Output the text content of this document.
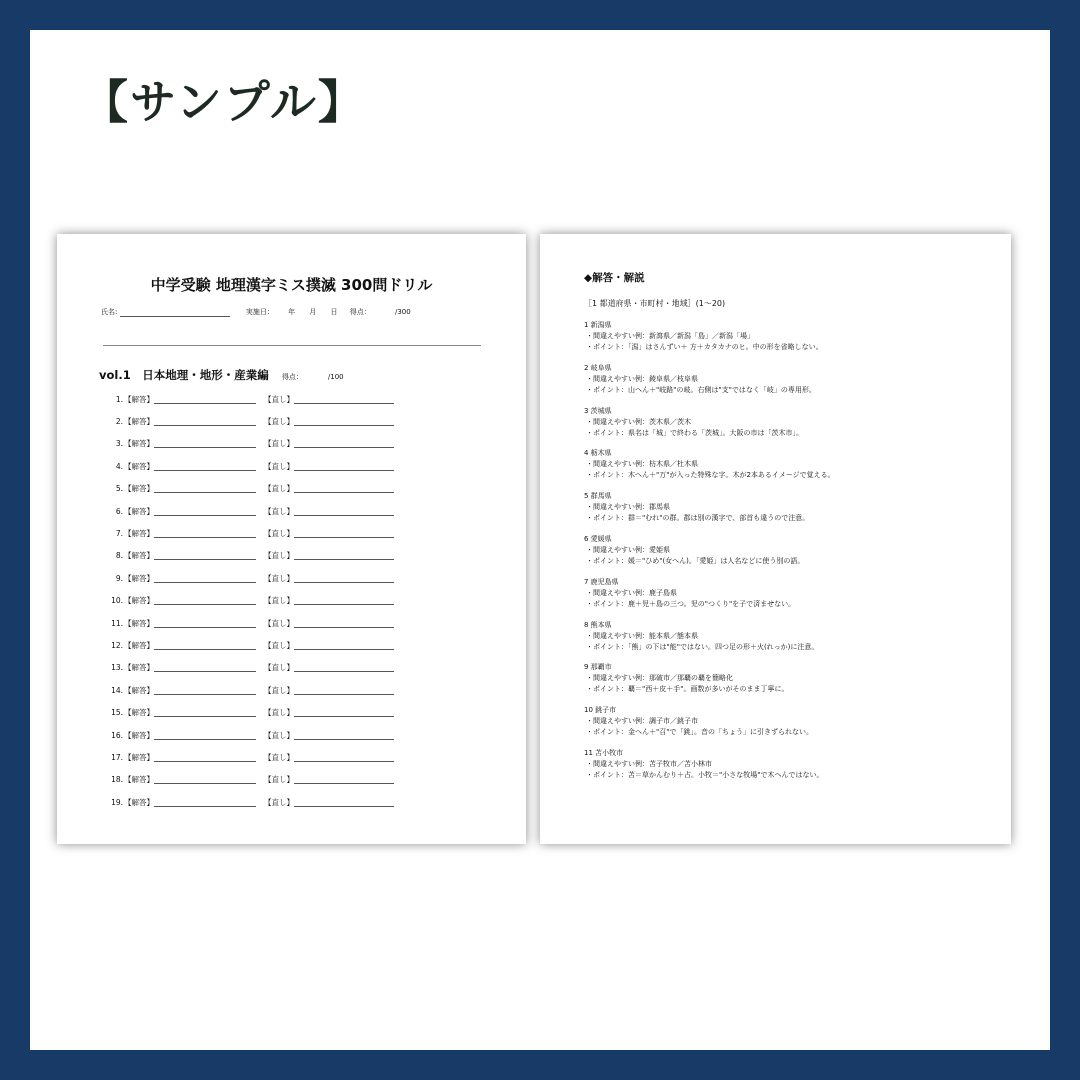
【サンプル】
中学受験 地理漢字ミス撲滅 300問ドリル
氏名:	実施日： 年 月 日 得点：	/300
vol.1　日本地理・地形・産業編 得点：	/100
1. 【解答】	【直し】
2. 【解答】	【直し】
3. 【解答】	【直し】
4. 【解答】	【直し】
5. 【解答】	【直し】
6. 【解答】	【直し】
7. 【解答】	【直し】
8. 【解答】	【直し】
9. 【解答】	【直し】
10. 【解答】	【直し】
11. 【解答】	【直し】
12. 【解答】	【直し】
13. 【解答】	【直し】
14. 【解答】	【直し】
15. 【解答】	【直し】
16. 【解答】	【直し】
17. 【解答】	【直し】
18. 【解答】	【直し】
19. 【解答】	【直し】
◆解答・解説
［1 都道府県・市町村・地域］(1〜20)
1 新潟県
・間違えやすい例：新瀉県／新潟「島」／新潟「場」
・ポイント：「潟」はさんずい＋ 方＋カタカナのヒ。中の形を省略しない。
2 岐阜県
・間違えやすい例：錂阜県／枝阜県
・ポイント：山へん＋"岐路"の岐。右側は"支"ではなく「岐」の専用形。
3 茨城県
・間違えやすい例：茨木県／茨木
・ポイント：県名は「城」で終わる「茨城」。大阪の市は「茨木市」。
4 栃木県
・間違えやすい例：枋木県／杜木県
・ポイント：木へん＋"万"が入った特殊な字。木が2本あるイメージで覚える。
5 群馬県
・間違えやすい例：郡馬県
・ポイント：群＝"むれ"の群。郡は別の漢字で、部首も違うので注意。
6 愛媛県
・間違えやすい例：愛姫県
・ポイント：媛＝"ひめ"(女へん)。「愛姫」は人名などに使う別の語。
7 鹿児島県
・間違えやすい例：鹿子島県
・ポイント：鹿＋児＋島の三つ。児の"つくり"を子で済ませない。
8 熊本県
・間違えやすい例：能本県／態本県
・ポイント：「熊」の下は"能"ではない。四つ足の形＋火(れっか)に注意。
9 那覇市
・間違えやすい例：那破市／那覇の覇を簡略化
・ポイント：覇＝"西＋皮＋手"。画数が多いがそのまま丁寧に。
10 銚子市
・間違えやすい例：調子市／銚子市
・ポイント：金へん＋"召"で「銚」。音の「ちょう」に引きずられない。
11 苫小牧市
・間違えやすい例：苫子牧市／苫小林市
・ポイント：苫＝草かんむり＋占。小牧＝"小さな牧場"で木へんではない。
